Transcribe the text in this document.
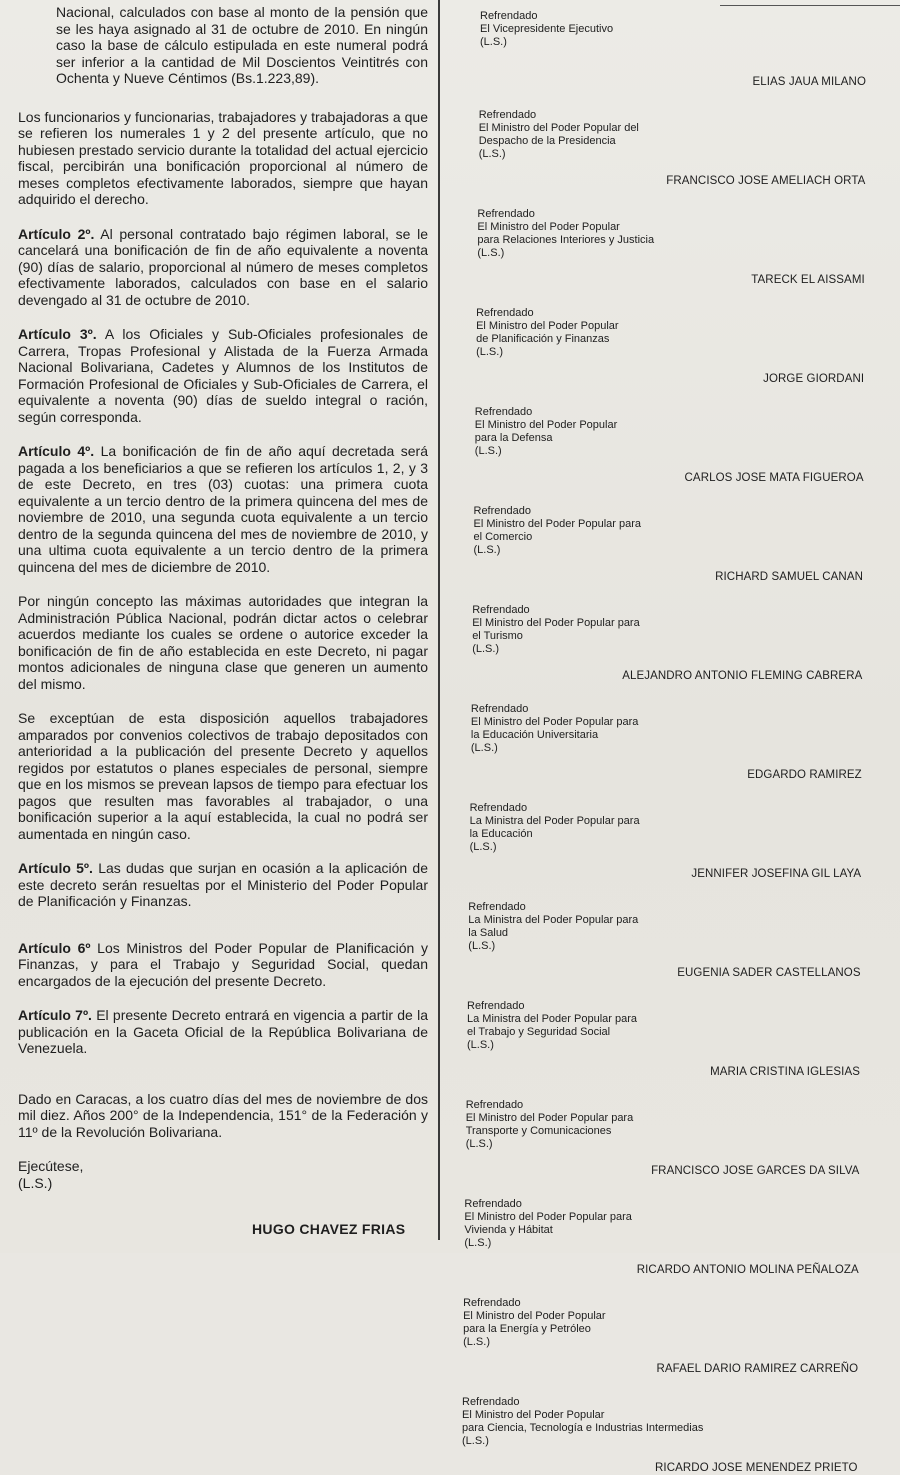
Nacional, calculados con base al monto de la pensión que se les haya asignado al 31 de octubre de 2010. En ningún caso la base de cálculo estipulada en este numeral podrá ser inferior a la cantidad de Mil Doscientos Veintitrés con Ochenta y Nueve Céntimos (Bs.1.223,89).

Los funcionarios y funcionarias, trabajadores y trabajadoras a que se refieren los numerales 1 y 2 del presente artículo, que no hubiesen prestado servicio durante la totalidad del actual ejercicio fiscal, percibirán una bonificación proporcional al número de meses completos efectivamente laborados, siempre que hayan adquirido el derecho.

Artículo 2º. Al personal contratado bajo régimen laboral, se le cancelará una bonificación de fin de año equivalente a noventa (90) días de salario, proporcional al número de meses completos efectivamente laborados, calculados con base en el salario devengado al 31 de octubre de 2010.

Artículo 3º. A los Oficiales y Sub-Oficiales profesionales de Carrera, Tropas Profesional y Alistada de la Fuerza Armada Nacional Bolivariana, Cadetes y Alumnos de los Institutos de Formación Profesional de Oficiales y Sub-Oficiales de Carrera, el equivalente a noventa (90) días de sueldo integral o ración, según corresponda.

Artículo 4º. La bonificación de fin de año aquí decretada será pagada a los beneficiarios a que se refieren los artículos 1, 2, y 3 de este Decreto, en tres (03) cuotas: una primera cuota equivalente a un tercio dentro de la primera quincena del mes de noviembre de 2010, una segunda cuota equivalente a un tercio dentro de la segunda quincena del mes de noviembre de 2010, y una ultima cuota equivalente a un tercio dentro de la primera quincena del mes de diciembre de 2010.

Por ningún concepto las máximas autoridades que integran la Administración Pública Nacional, podrán dictar actos o celebrar acuerdos mediante los cuales se ordene o autorice exceder la bonificación de fin de año establecida en este Decreto, ni pagar montos adicionales de ninguna clase que generen un aumento del mismo.

Se exceptúan de esta disposición aquellos trabajadores amparados por convenios colectivos de trabajo depositados con anterioridad a la publicación del presente Decreto y aquellos regidos por estatutos o planes especiales de personal, siempre que en los mismos se prevean lapsos de tiempo para efectuar los pagos que resulten mas favorables al trabajador, o una bonificación superior a la aquí establecida, la cual no podrá ser aumentada en ningún caso.

Artículo 5º. Las dudas que surjan en ocasión a la aplicación de este decreto serán resueltas por el Ministerio del Poder Popular de Planificación y Finanzas.

Artículo 6º Los Ministros del Poder Popular de Planificación y Finanzas, y para el Trabajo y Seguridad Social, quedan encargados de la ejecución del presente Decreto.

Artículo 7º. El presente Decreto entrará en vigencia a partir de la publicación en la Gaceta Oficial de la República Bolivariana de Venezuela.

Dado en Caracas, a los cuatro días del mes de noviembre de dos mil diez. Años 200° de la Independencia, 151° de la Federación y 11º de la Revolución Bolivariana.

Ejecútese,
(L.S.)
HUGO CHAVEZ FRIAS
Refrendado
El Vicepresidente Ejecutivo
(L.S.)
ELIAS JAUA MILANO
Refrendado
El Ministro del Poder Popular del
Despacho de la Presidencia
(L.S.)
FRANCISCO JOSE AMELIACH ORTA
Refrendado
El Ministro del Poder Popular
para Relaciones Interiores y Justicia
(L.S.)
TARECK EL AISSAMI
Refrendado
El Ministro del Poder Popular
de Planificación y Finanzas
(L.S.)
JORGE GIORDANI
Refrendado
El Ministro del Poder Popular
para la Defensa
(L.S.)
CARLOS JOSE MATA FIGUEROA
Refrendado
El Ministro del Poder Popular para
el Comercio
(L.S.)
RICHARD SAMUEL CANAN
Refrendado
El Ministro del Poder Popular para
el Turismo
(L.S.)
ALEJANDRO ANTONIO FLEMING CABRERA
Refrendado
El Ministro del Poder Popular para
la Educación Universitaria
(L.S.)
EDGARDO RAMIREZ
Refrendado
La Ministra del Poder Popular para
la Educación
(L.S.)
JENNIFER JOSEFINA GIL LAYA
Refrendado
La Ministra del Poder Popular para
la Salud
(L.S.)
EUGENIA SADER CASTELLANOS
Refrendado
La Ministra del Poder Popular para
el Trabajo y Seguridad Social
(L.S.)
MARIA CRISTINA IGLESIAS
Refrendado
El Ministro del Poder Popular para
Transporte y Comunicaciones
(L.S.)
FRANCISCO JOSE GARCES DA SILVA
Refrendado
El Ministro del Poder Popular para
Vivienda y Hábitat
(L.S.)
RICARDO ANTONIO MOLINA PEÑALOZA
Refrendado
El Ministro del Poder Popular
para la Energía y Petróleo
(L.S.)
RAFAEL DARIO RAMIREZ CARREÑO
Refrendado
El Ministro del Poder Popular
para Ciencia, Tecnología e Industrias Intermedias
(L.S.)
RICARDO JOSE MENENDEZ PRIETO
